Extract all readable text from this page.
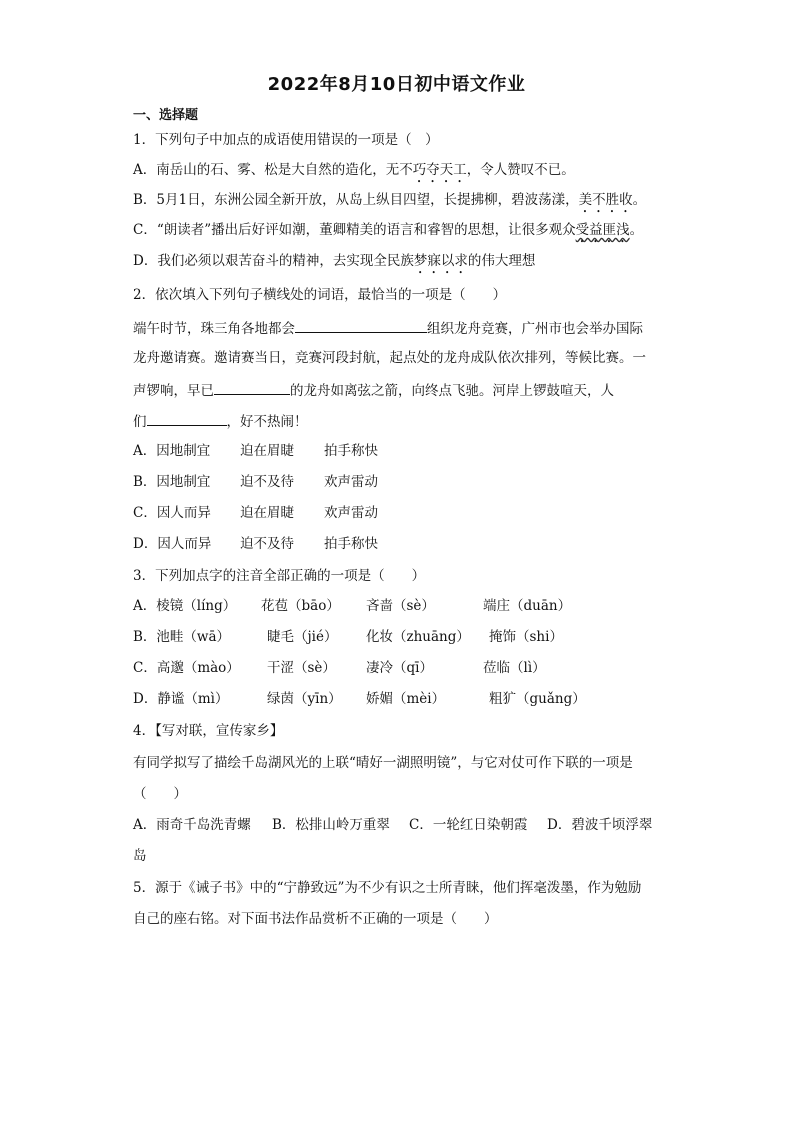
2022年8月10日初中语文作业
一、选择题
1．下列句子中加点的成语使用错误的一项是（　）
A．南岳山的石、雾、松是大自然的造化，无不巧夺天工，令人赞叹不已。
B．5月1日，东洲公园全新开放，从岛上纵目四望，长提拂柳，碧波荡漾，美不胜收。
C．“朗读者”播出后好评如潮，董卿精美的语言和睿智的思想，让很多观众受益匪浅。
D．我们必须以艰苦奋斗的精神，去实现全民族梦寐以求的伟大理想
2．依次填入下列句子横线处的词语，最恰当的一项是（　　）
端午时节，珠三角各地都会	组织龙舟竞赛，广州市也会举办国际
龙舟邀请赛。邀请赛当日，竞赛河段封航，起点处的龙舟成队依次排列，等候比赛。一
声锣响，早已	的龙舟如离弦之箭，向终点飞驰。河岸上锣鼓喧天，人
们	，好不热闹！
A．因地制宜 迫在眉睫 拍手称快
B．因地制宜 迫不及待 欢声雷动
C．因人而异 迫在眉睫 欢声雷动
D．因人而异 迫不及待 拍手称快
3．下列加点字的注音全部正确的一项是（　　）
A．棱镜（líng） 花苞（bāo） 吝啬（sè）	端庄（duān）
B．池畦（wā）	睫毛（jié） 化妆（zhuāng） 掩饰（shi）
C．高邈（mào） 干涩（sè） 凄冷（qī）	莅临（lì）
D．静谧（mì）	绿茵（yīn） 娇媚（mèi）	粗犷（guǎng）
4．【写对联，宣传家乡】
有同学拟写了描绘千岛湖风光的上联“晴好一湖照明镜”，与它对仗可作下联的一项是
（　　）
A．雨奇千岛洗青螺 B．松排山岭万重翠 C．一轮红日染朝霞 D．碧波千顷浮翠
岛
5．源于《诫子书》中的“宁静致远”为不少有识之士所青睐，他们挥毫泼墨，作为勉励
自己的座右铭。对下面书法作品赏析不正确的一项是（　　）
